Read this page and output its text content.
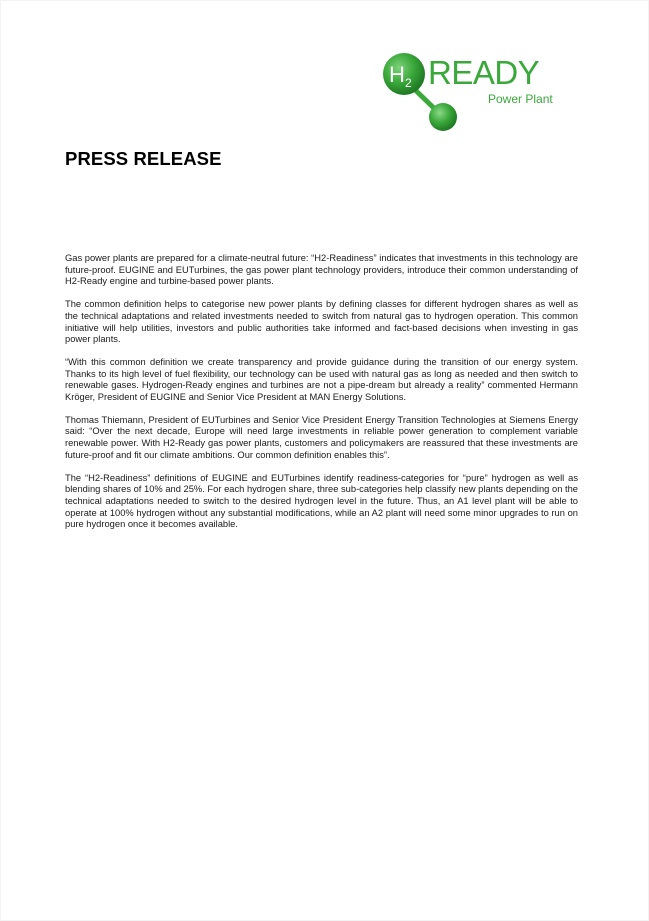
H 2 READY
Power Plant
PRESS RELEASE

Gas power plants are prepared for a climate-neutral future: “H2-Readiness” indicates that investments in this technology are future-proof. EUGINE and EUTurbines, the gas power plant technology providers, introduce their common understanding of H2-Ready engine and turbine-based power plants.

The common definition helps to categorise new power plants by defining classes for different hydrogen shares as well as the technical adaptations and related investments needed to switch from natural gas to hydrogen operation. This common initiative will help utilities, investors and public authorities take informed and fact-based decisions when investing in gas power plants.

“With this common definition we create transparency and provide guidance during the transition of our energy system. Thanks to its high level of fuel flexibility, our technology can be used with natural gas as long as needed and then switch to renewable gases. Hydrogen-Ready engines and turbines are not a pipe-dream but already a reality” commented Hermann Kröger, President of EUGINE and Senior Vice President at MAN Energy Solutions.

Thomas Thiemann, President of EUTurbines and Senior Vice President Energy Transition Technologies at Siemens Energy said: “Over the next decade, Europe will need large investments in reliable power generation to complement variable renewable power. With H2-Ready gas power plants, customers and policymakers are reassured that these investments are future-proof and fit our climate ambitions. Our common definition enables this”.

The “H2-Readiness” definitions of EUGINE and EUTurbines identify readiness-categories for “pure” hydrogen as well as blending shares of 10% and 25%. For each hydrogen share, three sub-categories help classify new plants depending on the technical adaptations needed to switch to the desired hydrogen level in the future. Thus, an A1 level plant will be able to operate at 100% hydrogen without any substantial modifications, while an A2 plant will need some minor upgrades to run on pure hydrogen once it becomes available.
